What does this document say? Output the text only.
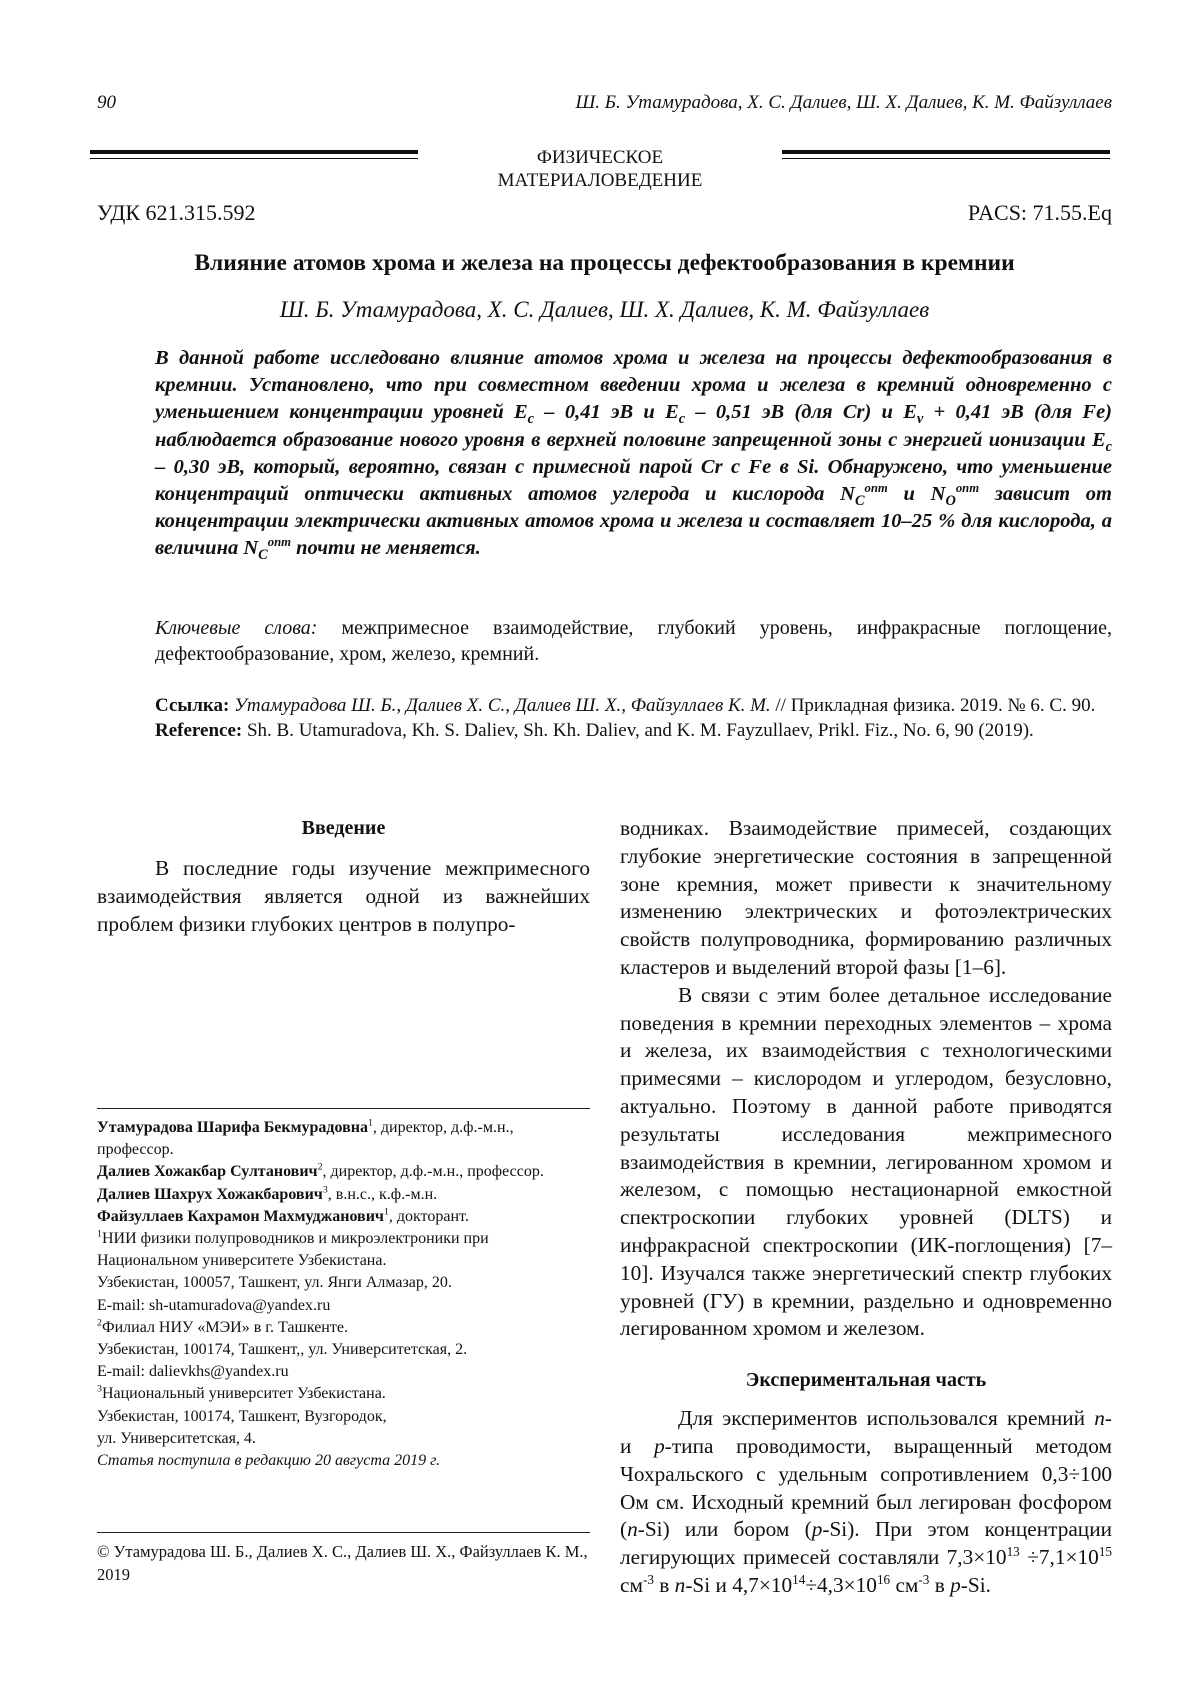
90	Ш. Б. Утамурадова, Х. С. Далиев, Ш. Х. Далиев, К. М. Файзуллаев
ФИЗИЧЕСКОЕ
МАТЕРИАЛОВЕДЕНИЕ
УДК 621.315.592	PACS: 71.55.Eq
Влияние атомов хрома и железа на процессы дефектообразования в кремнии
Ш. Б. Утамурадова, Х. С. Далиев, Ш. Х. Далиев, К. М. Файзуллаев
В данной работе исследовано влияние атомов хрома и железа на процессы дефектообразования в кремнии. Установлено, что при совместном введении хрома и железа в кремний одновременно с уменьшением концентрации уровней $E_c - 0,41$ эВ и $E_c - 0,51$ эВ (для Cr) и $E_v + 0,41$ эВ (для Fe) наблюдается образование нового уровня в верхней половине запрещенной зоны с энергией ионизации $E_c - 0,30$ эВ, который, вероятно, связан с примесной парой Cr с Fe в Si. Обнаружено, что уменьшение концентраций оптически активных атомов углерода и кислорода $N_C^{опт}$ и $N_O^{опт}$ зависит от концентрации электрически активных атомов хрома и железа и составляет 10–25 % для кислорода, а величина $N_C^{опт}$ почти не меняется.
Ключевые слова: межпримесное взаимодействие, глубокий уровень, инфракрасные поглощение, дефектообразование, хром, железо, кремний.
Ссылка: Утамурадова Ш. Б., Далиев Х. С., Далиев Ш. Х., Файзуллаев К. М. // Прикладная физика. 2019. № 6. С. 90.
Reference: Sh. B. Utamuradova, Kh. S. Daliev, Sh. Kh. Daliev, and K. M. Fayzullaev, Prikl. Fiz., No. 6, 90 (2019).
Введение

В последние годы изучение межпримесного взаимодействия является одной из важнейших проблем физики глубоких центров в полупро-

водниках. Взаимодействие примесей, создающих глубокие энергетические состояния в запрещенной зоне кремния, может привести к значительному изменению электрических и фотоэлектрических свойств полупроводника, формированию различных кластеров и выделений второй фазы [1–6].

В связи с этим более детальное исследование поведения в кремнии переходных элементов – хрома и железа, их взаимодействия с технологическими примесями – кислородом и углеродом, безусловно, актуально. Поэтому в данной работе приводятся результаты исследования межпримесного взаимодействия в кремнии, легированном хромом и железом, с помощью нестационарной емкостной спектроскопии глубоких уровней (DLTS) и инфракрасной спектроскопии (ИК-поглощения) [7–10]. Изучался также энергетический спектр глубоких уровней (ГУ) в кремнии, раздельно и одновременно легированном хромом и железом.

Экспериментальная часть

Для экспериментов использовался кремний n- и p-типа проводимости, выращенный методом Чохральского с удельным сопротивлением 0,3÷100 Ом см. Исходный кремний был легирован фосфором (n-Si) или бором (p-Si). При этом концентрации легирующих примесей составляли $7,3\times 10^{13} \div 7,1\times 10^{15}$ $см^{-3}$ в n-Si и $4,7\times 10^{14}\div 4,3\times 10^{16}$ $см^{-3}$ в p-Si.

Утамурадова Шарифа Бекмурадовна$^1$, директор, д.ф.-м.н., профессор.
Далиев Хожакбар Султанович$^2$, директор, д.ф.-м.н., профессор.
Далиев Шахрух Хожакбарович$^3$, в.н.с., к.ф.-м.н.
Файзуллаев Кахрамон Махмуджанович$^1$, докторант.
$^1$НИИ физики полупроводников и микроэлектроники при Национальном университете Узбекистана.
Узбекистан, 100057, Ташкент, ул. Янги Алмазар, 20.
E-mail: sh-utamuradova@yandex.ru
$^2$Филиал НИУ «МЭИ» в г. Ташкенте.
Узбекистан, 100174, Ташкент,, ул. Университетская, 2.
E-mail: dalievkhs@yandex.ru
$^3$Национальный университет Узбекистана.
Узбекистан, 100174, Ташкент, Вузгородок,
ул. Университетская, 4.
Статья поступила в редакцию 20 августа 2019 г.
© Утамурадова Ш. Б., Далиев Х. С., Далиев Ш. Х., Файзуллаев К. М., 2019
